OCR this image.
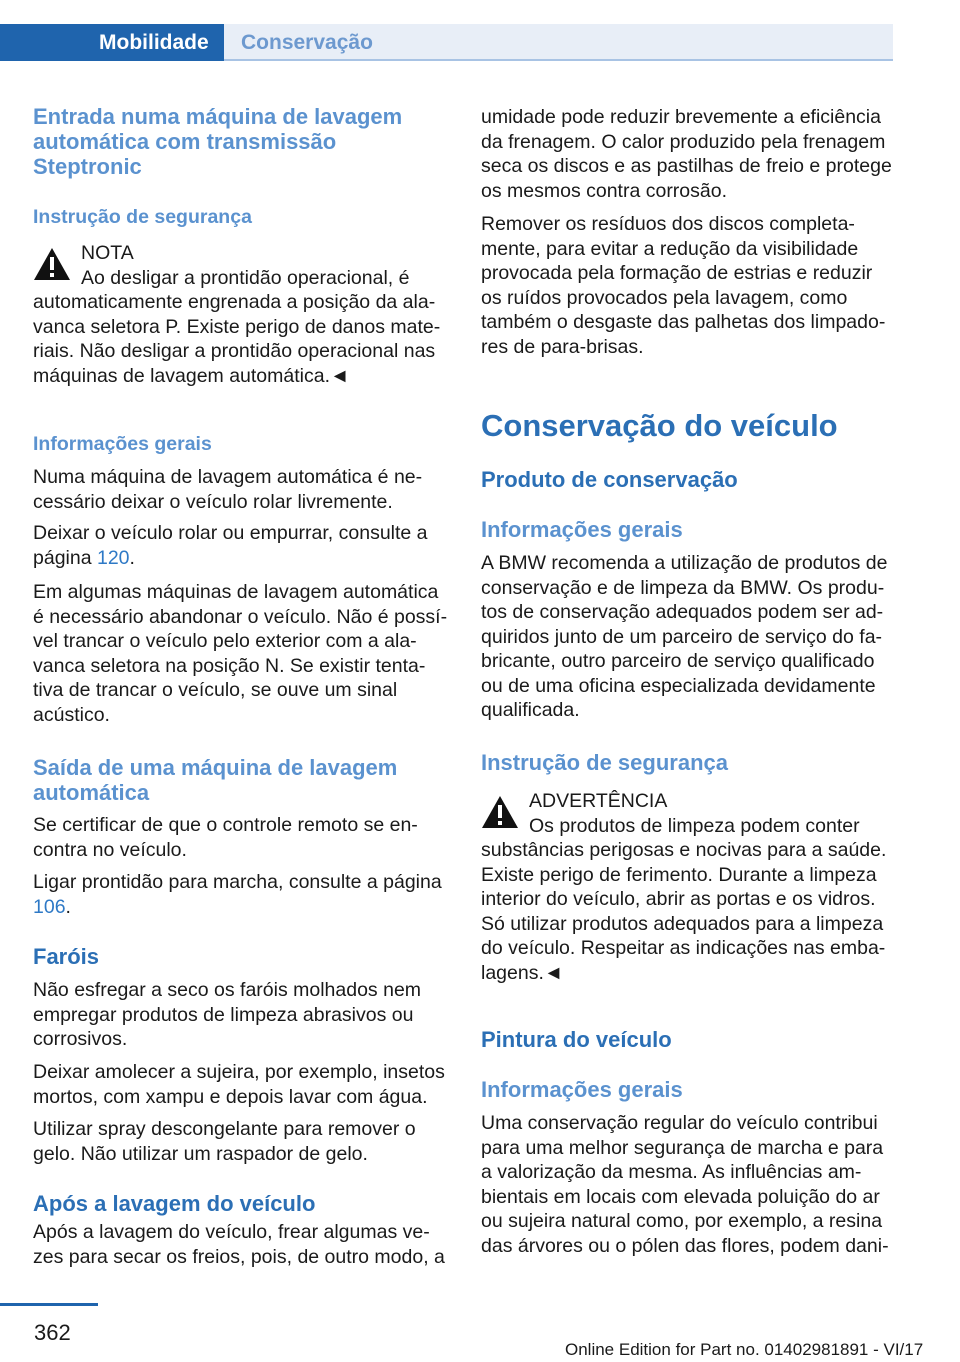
Mobilidade	Conservação
Entrada numa máquina de lavagem automática com transmissão Steptronic
Instrução de segurança
NOTA
Ao desligar a prontidão operacional, é automaticamente engrenada a posição da ala-vanca seletora P. Existe perigo de danos mate-riais. Não desligar a prontidão operacional nas máquinas de lavagem automática.◄
Informações gerais
Numa máquina de lavagem automática é ne-cessário deixar o veículo rolar livremente.
Deixar o veículo rolar ou empurrar, consulte a página 120.
Em algumas máquinas de lavagem automática é necessário abandonar o veículo. Não é possí-vel trancar o veículo pelo exterior com a ala-vanca seletora na posição N. Se existir tenta-tiva de trancar o veículo, se ouve um sinal acústico.
Saída de uma máquina de lavagem automática
Se certificar de que o controle remoto se en-contra no veículo.
Ligar prontidão para marcha, consulte a página 106.
Faróis
Não esfregar a seco os faróis molhados nem empregar produtos de limpeza abrasivos ou corrosivos.
Deixar amolecer a sujeira, por exemplo, insetos mortos, com xampu e depois lavar com água.
Utilizar spray descongelante para remover o gelo. Não utilizar um raspador de gelo.
Após a lavagem do veículo
Após a lavagem do veículo, frear algumas ve-zes para secar os freios, pois, de outro modo, a
umidade pode reduzir brevemente a eficiência da frenagem. O calor produzido pela frenagem seca os discos e as pastilhas de freio e protege os mesmos contra corrosão.
Remover os resíduos dos discos completa-mente, para evitar a redução da visibilidade provocada pela formação de estrias e reduzir os ruídos provocados pela lavagem, como também o desgaste das palhetas dos limpado-res de para-brisas.
Conservação do veículo
Produto de conservação
Informações gerais
A BMW recomenda a utilização de produtos de conservação e de limpeza da BMW. Os produ-tos de conservação adequados podem ser ad-quiridos junto de um parceiro de serviço do fa-bricante, outro parceiro de serviço qualificado ou de uma oficina especializada devidamente qualificada.
Instrução de segurança
ADVERTÊNCIA
Os produtos de limpeza podem conter substâncias perigosas e nocivas para a saúde. Existe perigo de ferimento. Durante a limpeza interior do veículo, abrir as portas e os vidros. Só utilizar produtos adequados para a limpeza do veículo. Respeitar as indicações nas emba-lagens.◄
Pintura do veículo
Informações gerais
Uma conservação regular do veículo contribui para uma melhor segurança de marcha e para a valorização da mesma. As influências am-bientais em locais com elevada poluição do ar ou sujeira natural como, por exemplo, a resina das árvores ou o pólen das flores, podem dani-
362
Online Edition for Part no. 01402981891 - VI/17
